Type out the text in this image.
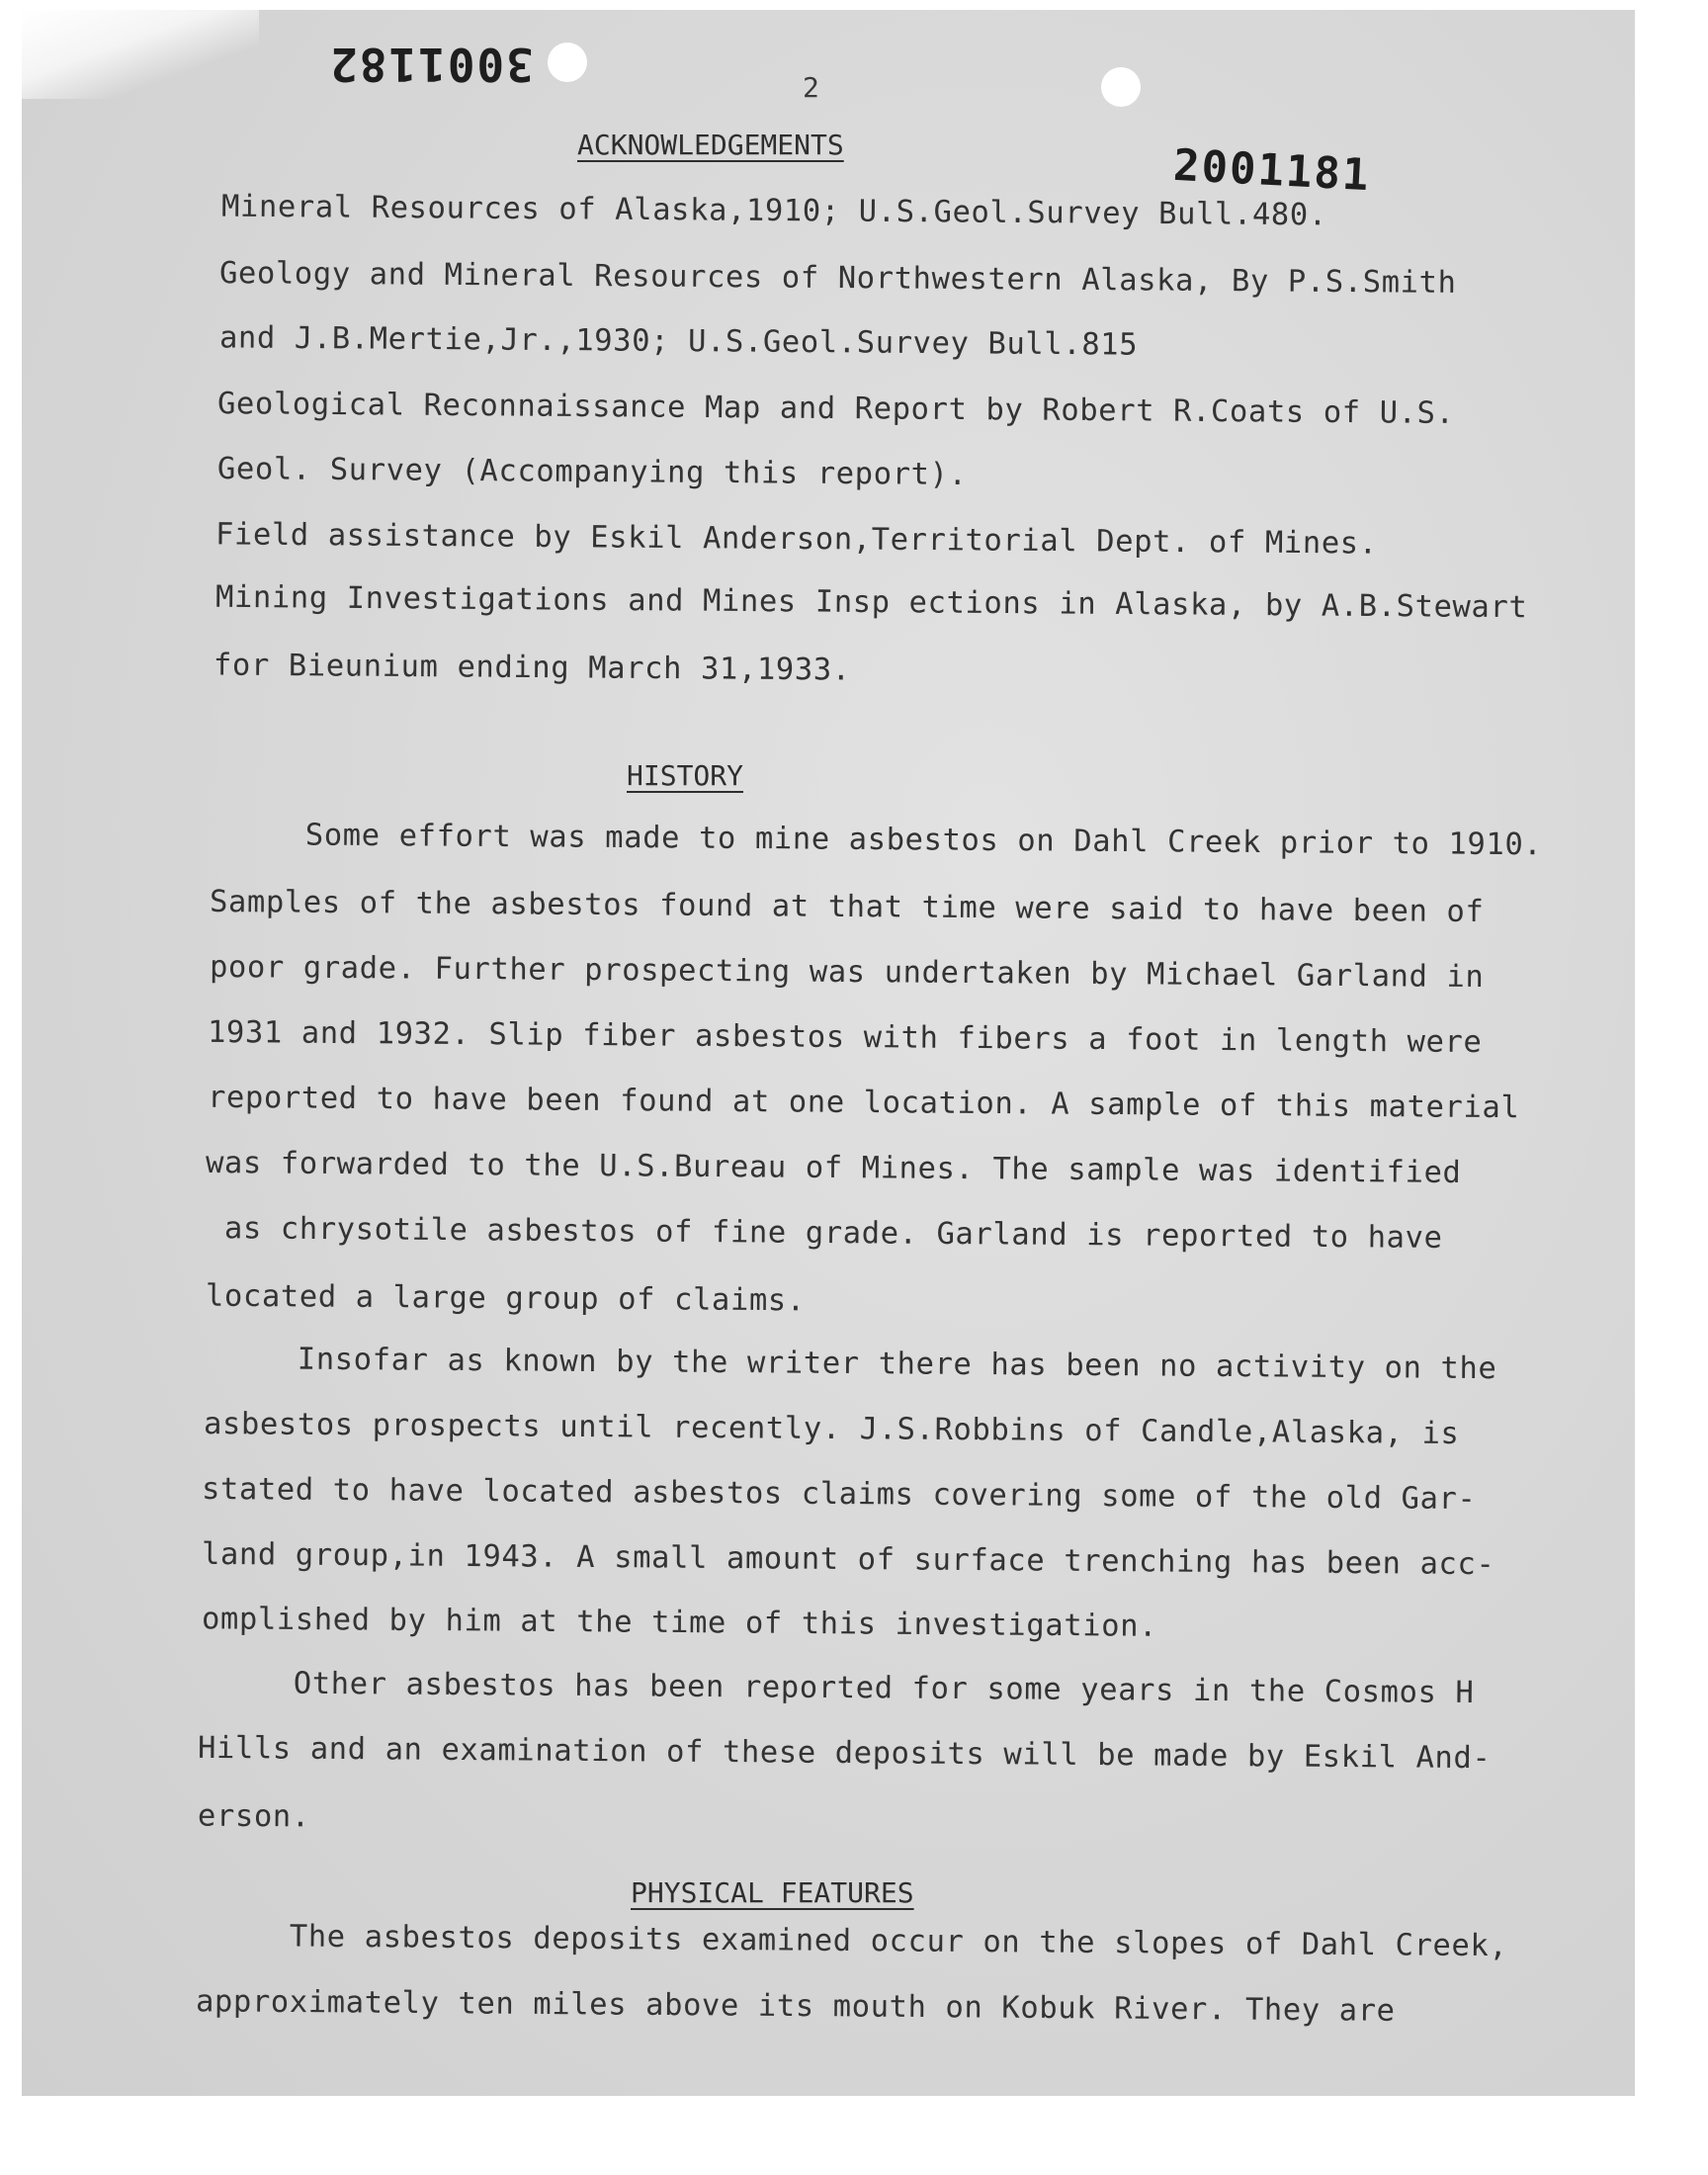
3001182
2001181
2
ACKNOWLEDGEMENTS
Mineral Resources of Alaska,1910; U.S.Geol.Survey Bull.480.
Geology and Mineral Resources of Northwestern Alaska, By P.S.Smith
and J.B.Mertie,Jr.,1930; U.S.Geol.Survey Bull.815
Geological Reconnaissance Map and Report by Robert R.Coats of U.S.
Geol. Survey (Accompanying this report).
Field assistance by Eskil Anderson,Territorial Dept. of Mines.
Mining Investigations and Mines Insp ections in Alaska, by A.B.Stewart
for Bieunium ending March 31,1933.
HISTORY
Some effort was made to mine asbestos on Dahl Creek prior to 1910.
Samples of the asbestos found at that time were said to have been of
poor grade. Further prospecting was undertaken by Michael Garland in
1931 and 1932. Slip fiber asbestos with fibers a foot in length were
reported to have been found at one location. A sample of this material
was forwarded to the U.S.Bureau of Mines. The sample was identified
as chrysotile asbestos of fine grade. Garland is reported to have
located a large group of claims.
Insofar as known by the writer there has been no activity on the
asbestos prospects until recently. J.S.Robbins of Candle,Alaska, is
stated to have located asbestos claims covering some of the old Gar-
land group,in 1943. A small amount of surface trenching has been acc-
omplished by him at the time of this investigation.
Other asbestos has been reported for some years in the Cosmos H
Hills and an examination of these deposits will be made by Eskil And-
erson.
PHYSICAL FEATURES
The asbestos deposits examined occur on the slopes of Dahl Creek,
approximately ten miles above its mouth on Kobuk River. They are
